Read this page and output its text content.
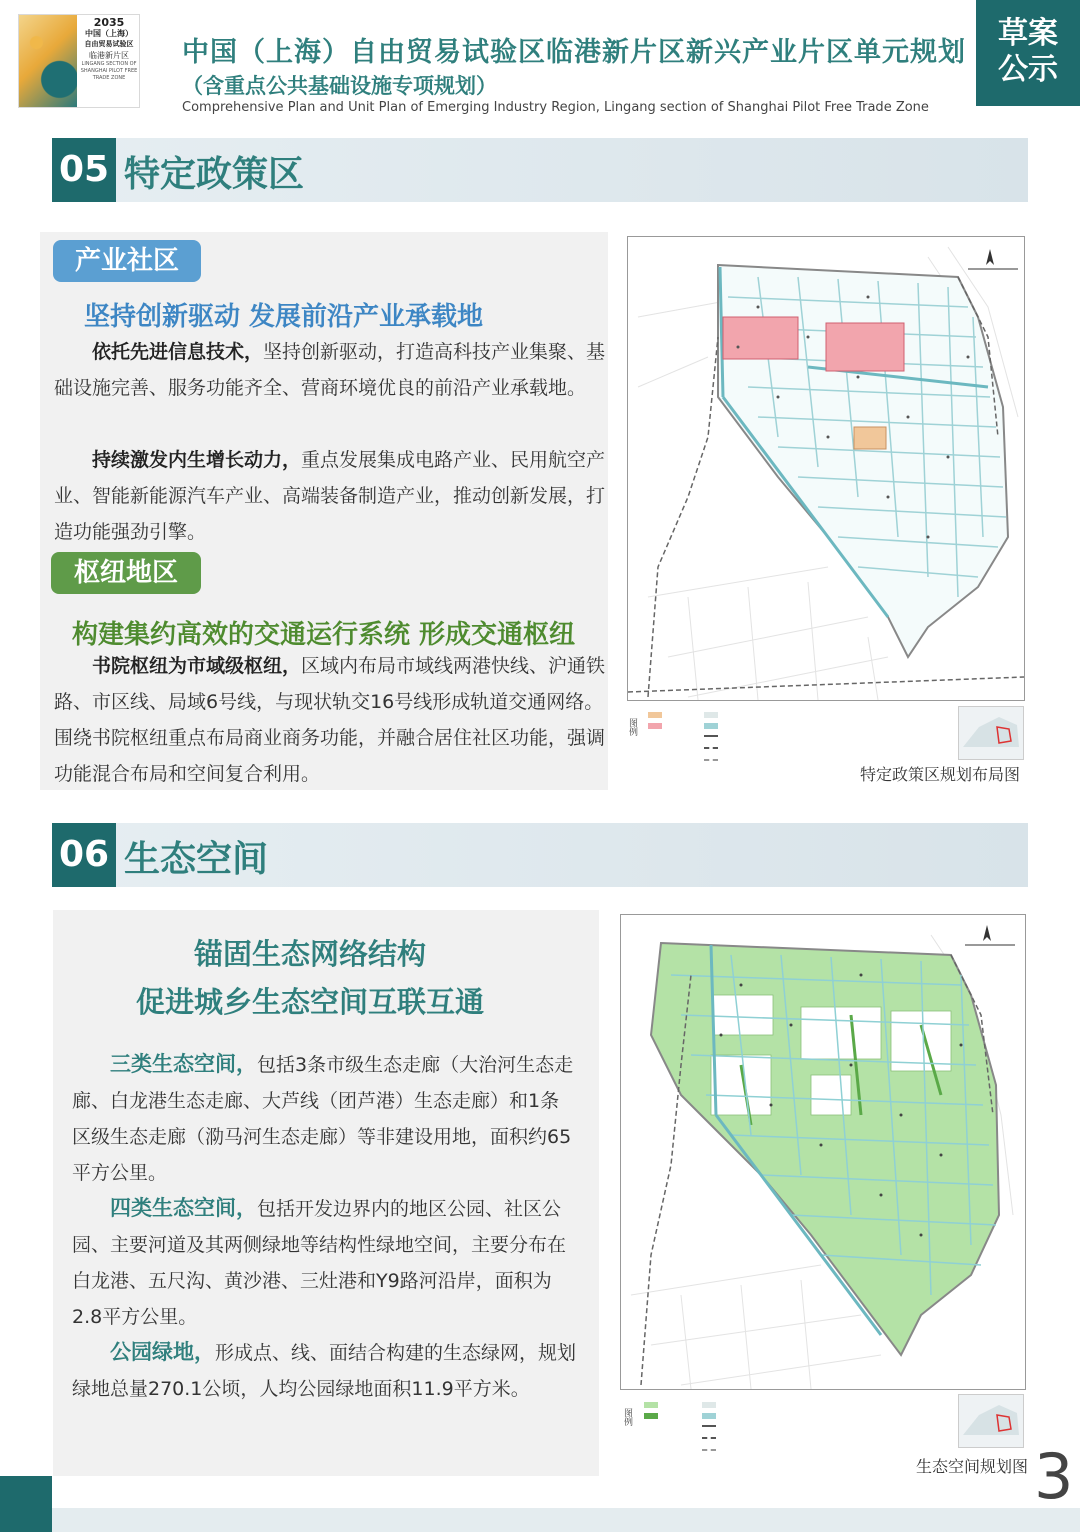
2035
中国（上海）
自由贸易试验区
临港新片区
LINGANG SECTION OF SHANGHAI PILOT FREE TRADE ZONE
中国（上海）自由贸易试验区临港新片区新兴产业片区单元规划
（含重点公共基础设施专项规划）
Comprehensive Plan and Unit Plan of Emerging Industry Region, Lingang section of Shanghai Pilot Free Trade Zone
草案公示
05 特定政策区
产业社区
坚持创新驱动 发展前沿产业承载地
依托先进信息技术，坚持创新驱动，打造高科技产业集聚、基础设施完善、服务功能齐全、营商环境优良的前沿产业承载地。
持续激发内生增长动力，重点发展集成电路产业、民用航空产业、智能新能源汽车产业、高端装备制造产业，推动创新发展，打造功能强劲引擎。
枢纽地区
构建集约高效的交通运行系统 形成交通枢纽
书院枢纽为市域级枢纽，区域内布局市域线两港快线、沪通铁路、市区线、局域6号线，与现状轨交16号线形成轨道交通网络。围绕书院枢纽重点布局商业商务功能，并融合居住社区功能，强调功能混合布局和空间复合利用。
图例
特定政策区规划布局图
06 生态空间
锚固生态网络结构
促进城乡生态空间互联互通
三类生态空间，包括3条市级生态走廊（大治河生态走廊、白龙港生态走廊、大芦线（团芦港）生态走廊）和1条区级生态走廊（泐马河生态走廊）等非建设用地，面积约65平方公里。
四类生态空间，包括开发边界内的地区公园、社区公园、主要河道及其两侧绿地等结构性绿地空间，主要分布在白龙港、五尺沟、黄沙港、三灶港和Y9路河沿岸，面积为2.8平方公里。
公园绿地，形成点、线、面结合构建的生态绿网，规划绿地总量270.1公顷，人均公园绿地面积11.9平方米。
图例
生态空间规划图 3
